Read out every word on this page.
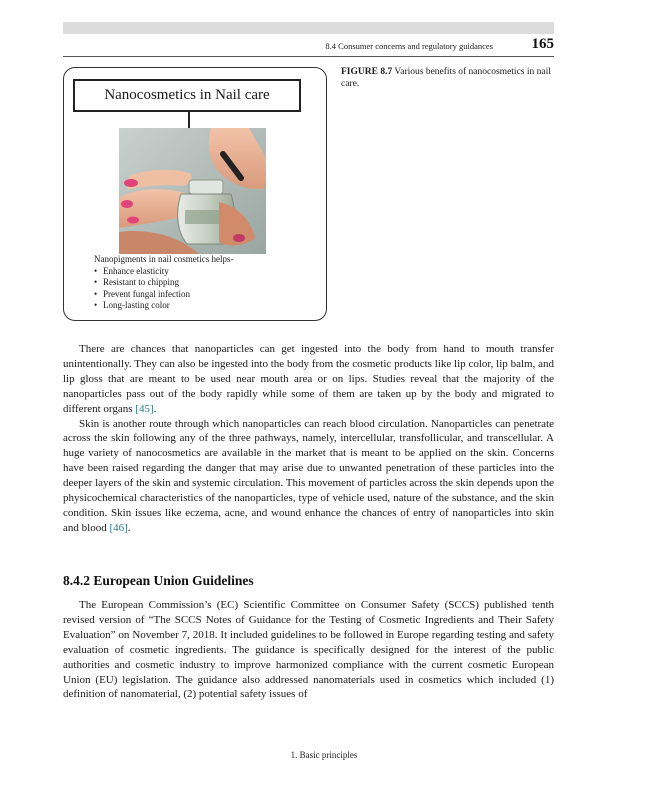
8.4 Consumer concerns and regulatory guidances	165
Nanocosmetics in Nail care
Nanopigments in nail cosmetics helps-
• Enhance elasticity
• Resistant to chipping
• Prevent fungal infection
• Long-lasting color
FIGURE 8.7 Various benefits of nanocosmetics in nail care.

There are chances that nanoparticles can get ingested into the body from hand to mouth transfer unintentionally. They can also be ingested into the body from the cosmetic products like lip color, lip balm, and lip gloss that are meant to be used near mouth area or on lips. Studies reveal that the majority of the nanoparticles pass out of the body rapidly while some of them are taken up by the body and migrated to different organs [45].

Skin is another route through which nanoparticles can reach blood circulation. Nanoparticles can penetrate across the skin following any of the three pathways, namely, intercellular, transfollicular, and transcellular. A huge variety of nanocosmetics are available in the market that is meant to be applied on the skin. Concerns have been raised regarding the danger that may arise due to unwanted penetration of these particles into the deeper layers of the skin and systemic circulation. This movement of particles across the skin depends upon the physicochemical characteristics of the nanoparticles, type of vehicle used, nature of the substance, and the skin condition. Skin issues like eczema, acne, and wound enhance the chances of entry of nanoparticles into skin and blood [46].

8.4.2 European Union Guidelines

The European Commission’s (EC) Scientific Committee on Consumer Safety (SCCS) published tenth revised version of “The SCCS Notes of Guidance for the Testing of Cosmetic Ingredients and Their Safety Evaluation” on November 7, 2018. It included guidelines to be followed in Europe regarding testing and safety evaluation of cosmetic ingredients. The guidance is specifically designed for the interest of the public authorities and cosmetic industry to improve harmonized compliance with the current cosmetic European Union (EU) legislation. The guidance also addressed nanomaterials used in cosmetics which included (1) definition of nanomaterial, (2) potential safety issues of

1. Basic principles
